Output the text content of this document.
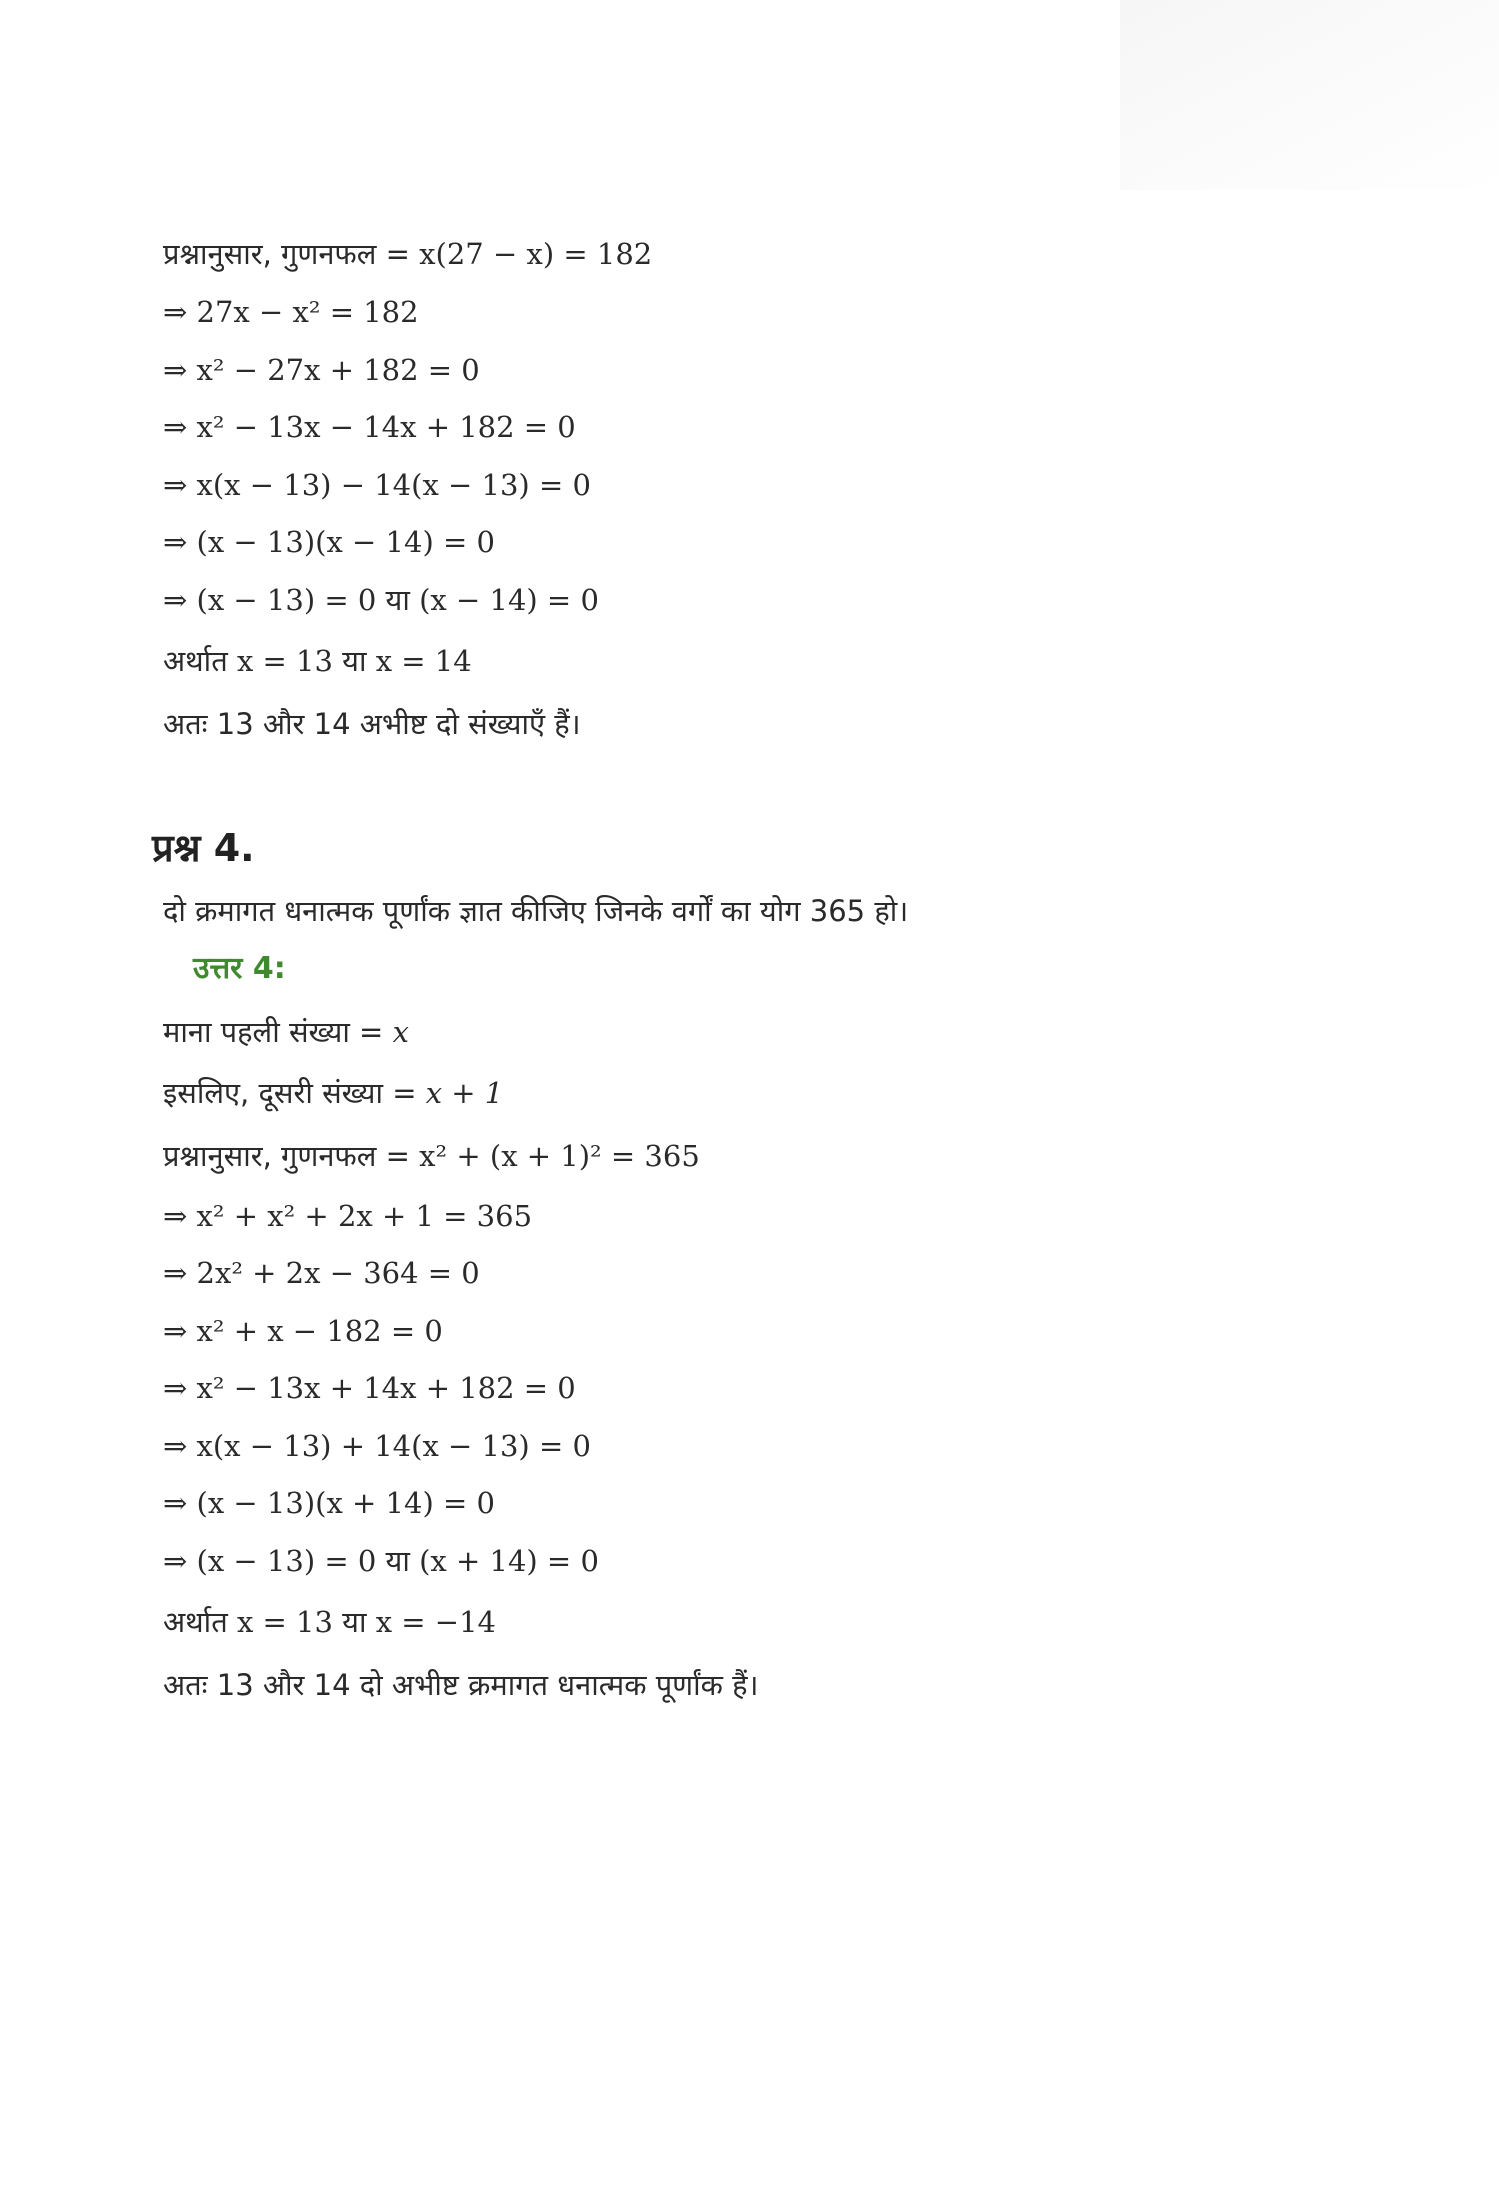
प्रश्नानुसार, गुणनफल = x(27 − x) = 182
⇒ 27x − x² = 182
⇒ x² − 27x + 182 = 0
⇒ x² − 13x − 14x + 182 = 0
⇒ x(x − 13) − 14(x − 13) = 0
⇒ (x − 13)(x − 14) = 0
⇒ (x − 13) = 0 या (x − 14) = 0
अर्थात x = 13 या x = 14
अतः 13 और 14 अभीष्ट दो संख्याएँ हैं।
प्रश्न 4.
दो क्रमागत धनात्मक पूर्णांक ज्ञात कीजिए जिनके वर्गों का योग 365 हो।
उत्तर 4:
माना पहली संख्या = x
इसलिए, दूसरी संख्या = x + 1
प्रश्नानुसार, गुणनफल = x² + (x + 1)² = 365
⇒ x² + x² + 2x + 1 = 365
⇒ 2x² + 2x − 364 = 0
⇒ x² + x − 182 = 0
⇒ x² − 13x + 14x + 182 = 0
⇒ x(x − 13) + 14(x − 13) = 0
⇒ (x − 13)(x + 14) = 0
⇒ (x − 13) = 0 या (x + 14) = 0
अर्थात x = 13 या x = −14
अतः 13 और 14 दो अभीष्ट क्रमागत धनात्मक पूर्णांक हैं।
